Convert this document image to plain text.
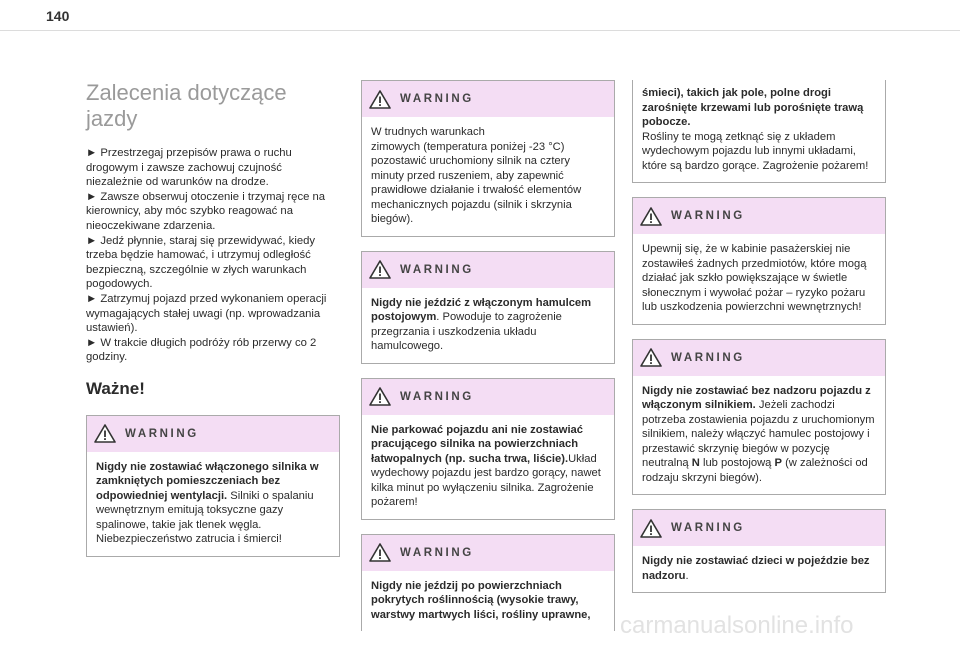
140
Zalecenia dotyczące
jazdy

► Przestrzegaj przepisów prawa o ruchu drogowym i zawsze zachowuj czujność niezależnie od warunków na drodze.
► Zawsze obserwuj otoczenie i trzymaj ręce na kierownicy, aby móc szybko reagować na nieoczekiwane zdarzenia.
► Jedź płynnie, staraj się przewidywać, kiedy trzeba będzie hamować, i utrzymuj odległość bezpieczną, szczególnie w złych warunkach pogodowych.
► Zatrzymuj pojazd przed wykonaniem operacji wymagających stałej uwagi (np. wprowadzania ustawień).
► W trakcie długich podróży rób przerwy co 2 godziny.

Ważne!
WARNING
Nigdy nie zostawiać włączonego silnika w zamkniętych pomieszczeniach bez odpowiedniej wentylacji. Silniki o spalaniu wewnętrznym emitują toksyczne gazy spalinowe, takie jak tlenek węgla. Niebezpieczeństwo zatrucia i śmierci!
WARNING
W trudnych warunkach
zimowych (temperatura poniżej -23 °C) pozostawić uruchomiony silnik na cztery minuty przed ruszeniem, aby zapewnić prawidłowe działanie i trwałość elementów mechanicznych pojazdu (silnik i skrzynia biegów).
WARNING
Nigdy nie jeździć z włączonym hamulcem postojowym. Powoduje to zagrożenie przegrzania i uszkodzenia układu hamulcowego.
WARNING
Nie parkować pojazdu ani nie zostawiać pracującego silnika na powierzchniach łatwopalnych (np. sucha trwa, liście).Układ wydechowy pojazdu jest bardzo gorący, nawet kilka minut po wyłączeniu silnika. Zagrożenie pożarem!
WARNING
Nigdy nie jeździj po powierzchniach pokrytych roślinnością (wysokie trawy, warstwy martwych liści, rośliny uprawne,
śmieci), takich jak pole, polne drogi zarośnięte krzewami lub porośnięte trawą pobocze.
Rośliny te mogą zetknąć się z układem wydechowym pojazdu lub innymi układami, które są bardzo gorące. Zagrożenie pożarem!
WARNING
Upewnij się, że w kabinie pasażerskiej nie zostawiłeś żadnych przedmiotów, które mogą działać jak szkło powiększające w świetle słonecznym i wywołać pożar – ryzyko pożaru lub uszkodzenia powierzchni wewnętrznych!
WARNING
Nigdy nie zostawiać bez nadzoru pojazdu z włączonym silnikiem. Jeżeli zachodzi potrzeba zostawienia pojazdu z uruchomionym silnikiem, należy włączyć hamulec postojowy i przestawić skrzynię biegów w pozycję neutralną N lub postojową P (w zależności od rodzaju skrzyni biegów).
WARNING
Nigdy nie zostawiać dzieci w pojeździe bez nadzoru.
carmanualsonline.info
